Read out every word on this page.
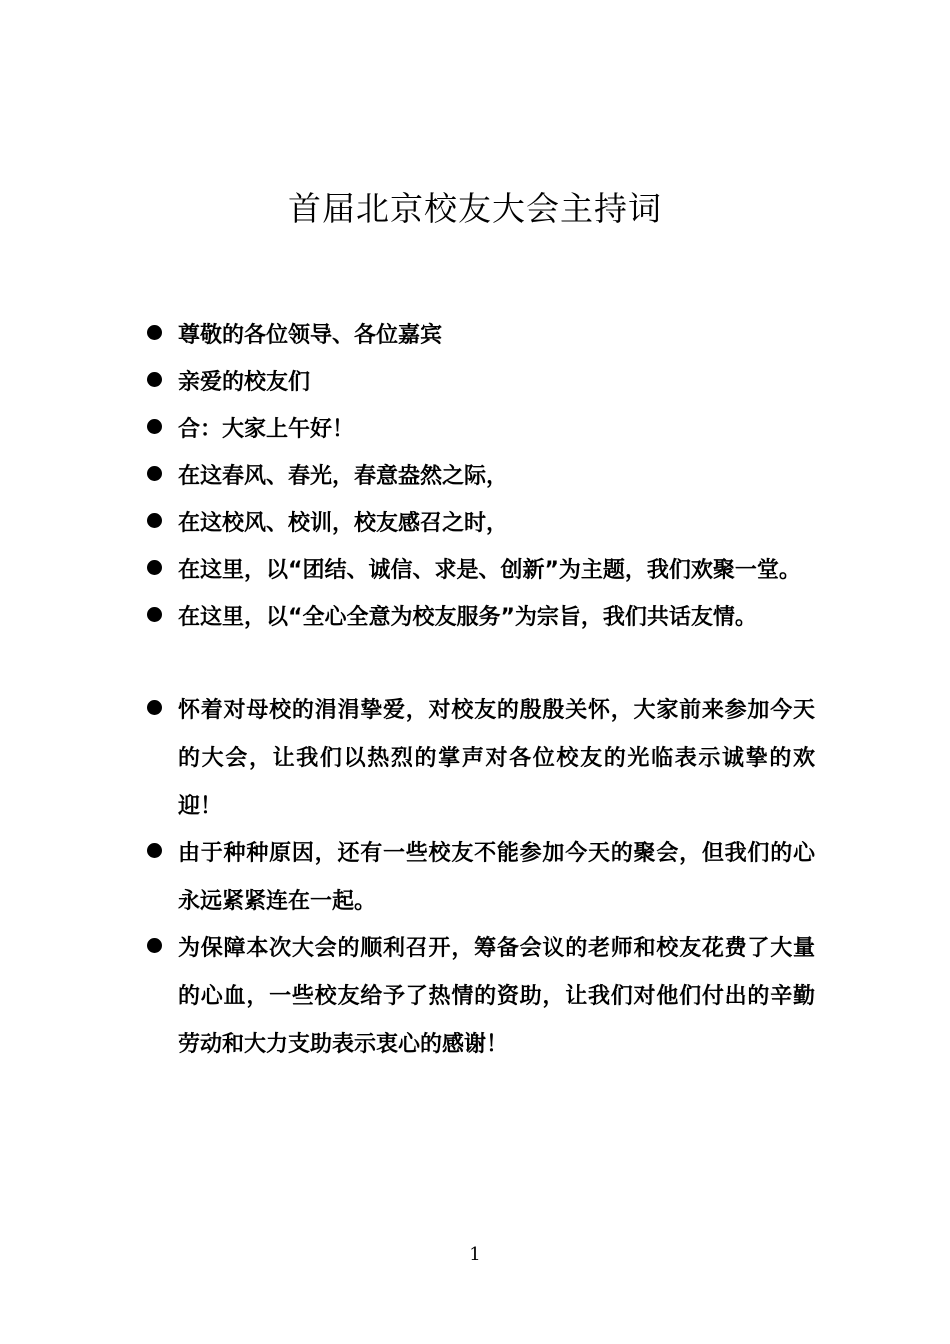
首届北京校友大会主持词
尊敬的各位领导、各位嘉宾
亲爱的校友们
合：大家上午好！
在这春风、春光，春意盎然之际，
在这校风、校训，校友感召之时，
在这里，以“团结、诚信、求是、创新”为主题，我们欢聚一堂。
在这里，以“全心全意为校友服务”为宗旨，我们共话友情。
怀着对母校的涓涓挚爱，对校友的殷殷关怀，大家前来参加今天的大会，让我们以热烈的掌声对各位校友的光临表示诚挚的欢迎！
由于种种原因，还有一些校友不能参加今天的聚会，但我们的心永远紧紧连在一起。
为保障本次大会的顺利召开，筹备会议的老师和校友花费了大量的心血，一些校友给予了热情的资助，让我们对他们付出的辛勤劳动和大力支助表示衷心的感谢！
1
